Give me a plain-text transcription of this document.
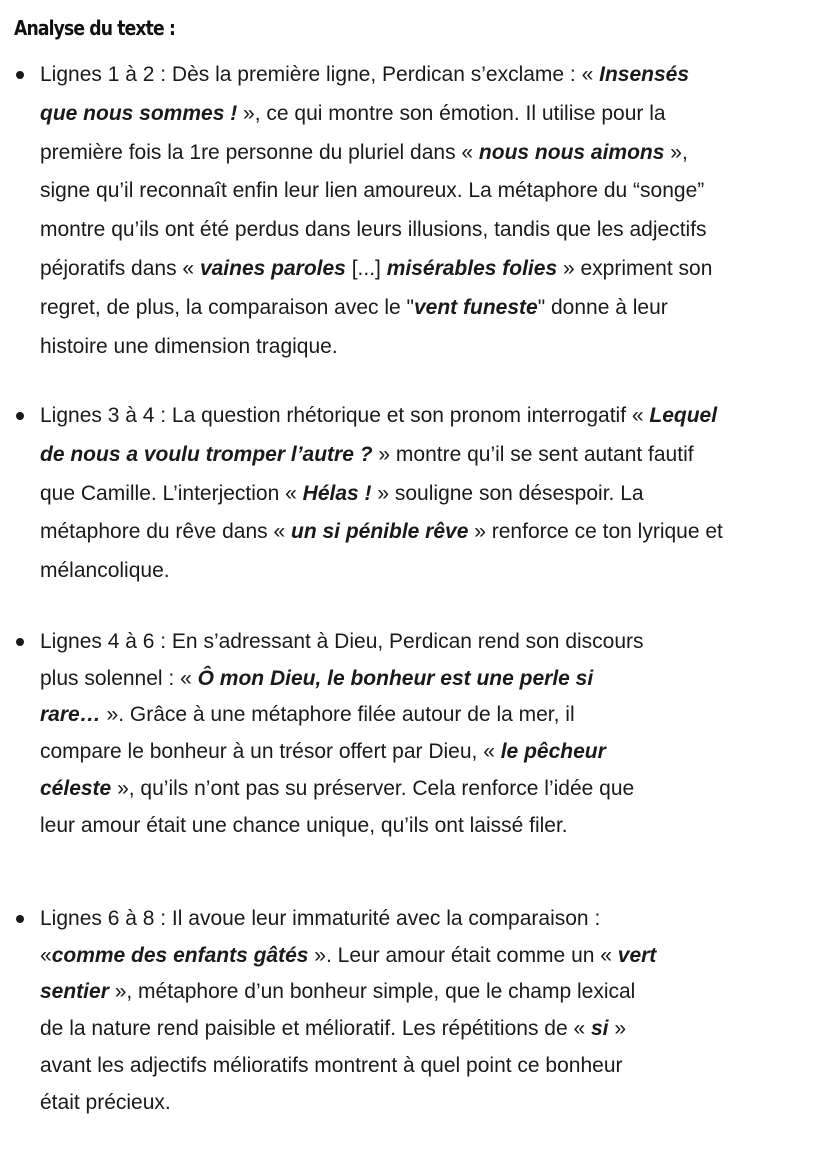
Analyse du texte :
Lignes 1 à 2 : Dès la première ligne, Perdican s’exclame : « Insensés
que nous sommes ! », ce qui montre son émotion. Il utilise pour la
première fois la 1re personne du pluriel dans « nous nous aimons »,
signe qu’il reconnaît enfin leur lien amoureux. La métaphore du “songe”
montre qu’ils ont été perdus dans leurs illusions, tandis que les adjectifs
péjoratifs dans « vaines paroles [...] misérables folies » expriment son
regret, de plus, la comparaison avec le "vent funeste" donne à leur
histoire une dimension tragique.
Lignes 3 à 4 : La question rhétorique et son pronom interrogatif « Lequel
de nous a voulu tromper l’autre ? » montre qu’il se sent autant fautif
que Camille. L’interjection « Hélas ! » souligne son désespoir. La
métaphore du rêve dans « un si pénible rêve » renforce ce ton lyrique et
mélancolique.
Lignes 4 à 6 : En s’adressant à Dieu, Perdican rend son discours
plus solennel : « Ô mon Dieu, le bonheur est une perle si
rare… ». Grâce à une métaphore filée autour de la mer, il
compare le bonheur à un trésor offert par Dieu, « le pêcheur
céleste », qu’ils n’ont pas su préserver. Cela renforce l’idée que
leur amour était une chance unique, qu’ils ont laissé filer.
Lignes 6 à 8 : Il avoue leur immaturité avec la comparaison :
«comme des enfants gâtés ». Leur amour était comme un « vert
sentier », métaphore d’un bonheur simple, que le champ lexical
de la nature rend paisible et mélioratif. Les répétitions de « si »
avant les adjectifs mélioratifs montrent à quel point ce bonheur
était précieux.
